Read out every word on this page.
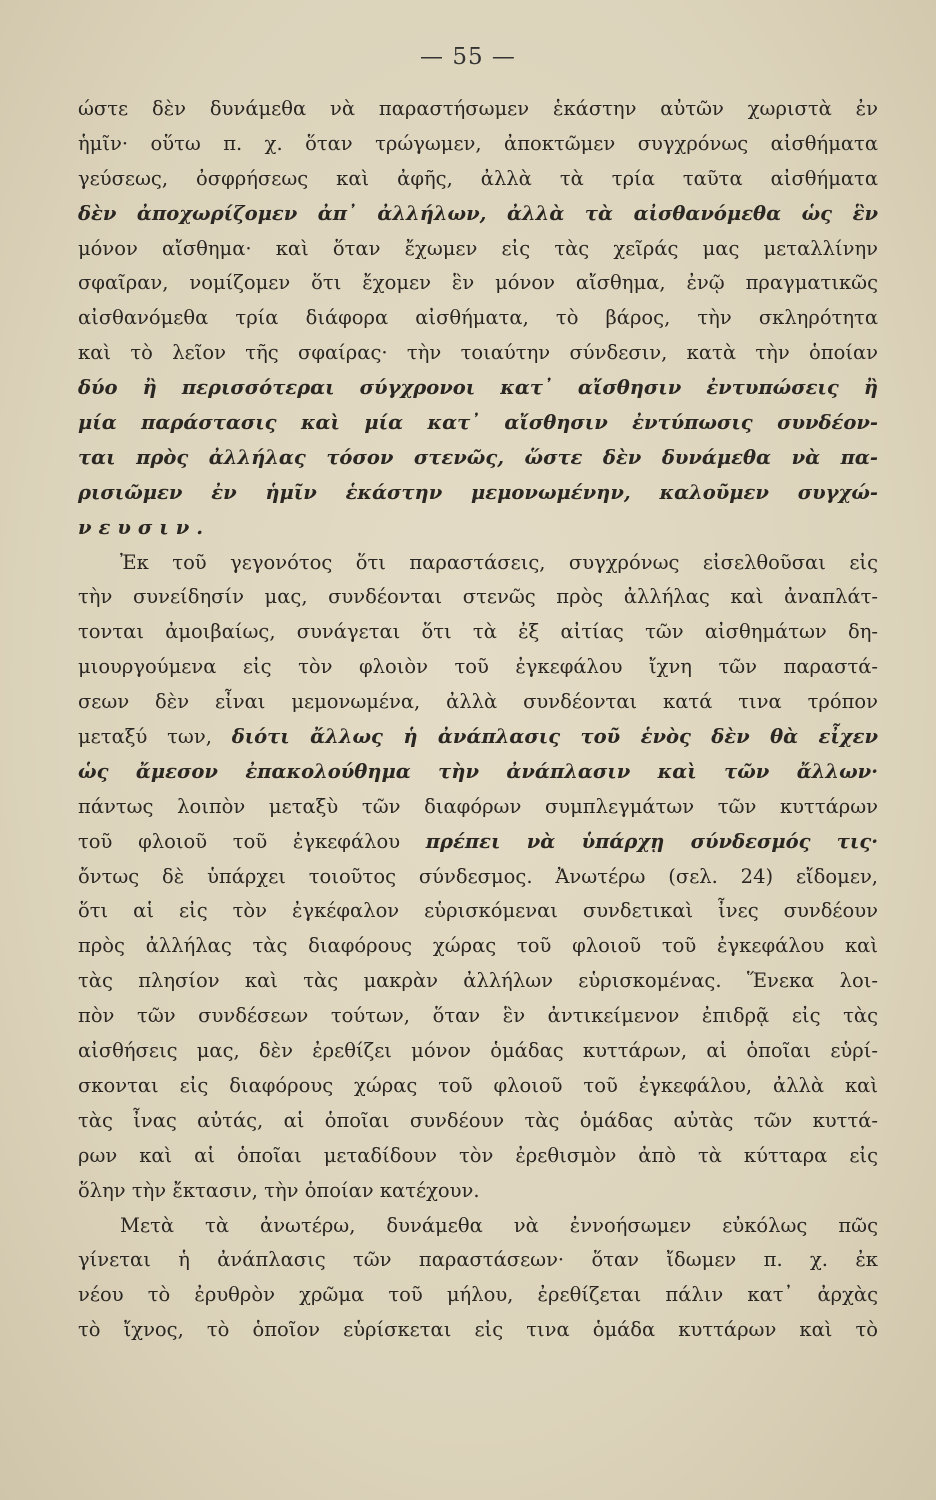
— 55 —
ώστε δὲν δυνάμεθα νὰ παραστήσωμεν ἑκάστην αὐτῶν χωριστὰ ἐν
ἡμῖν· οὕτω π. χ. ὅταν τρώγωμεν, ἀποκτῶμεν συγχρόνως αἰσθήματα
γεύσεως, ὀσφρήσεως καὶ ἀφῆς, ἀλλὰ τὰ τρία ταῦτα αἰσθήματα
δὲν ἀποχωρίζομεν ἀπ᾿ ἀλλήλων, ἀλλὰ τὰ αἰσθανόμεθα ὡς ἓν
μόνον αἴσθημα· καὶ ὅταν ἔχωμεν εἰς τὰς χεῖράς μας μεταλλίνην
σφαῖραν, νομίζομεν ὅτι ἔχομεν ἓν μόνον αἴσθημα, ἐνῷ πραγματικῶς
αἰσθανόμεθα τρία διάφορα αἰσθήματα, τὸ βάρος, τὴν σκληρότητα
καὶ τὸ λεῖον τῆς σφαίρας· τὴν τοιαύτην σύνδεσιν, κατὰ τὴν ὁποίαν
δύο ἢ περισσότεραι σύγχρονοι κατ᾿ αἴσθησιν ἐντυπώσεις ἢ
μία παράστασις καὶ μία κατ᾿ αἴσθησιν ἐντύπωσις συνδέον-
ται πρὸς ἀλλήλας τόσον στενῶς, ὥστε δὲν δυνάμεθα νὰ πα-
ρισιῶμεν ἐν ἡμῖν ἑκάστην μεμονωμένην, καλοῦμεν συγχώ-
νευσιν.
Ἐκ τοῦ γεγονότος ὅτι παραστάσεις, συγχρόνως εἰσελθοῦσαι εἰς
τὴν συνείδησίν μας, συνδέονται στενῶς πρὸς ἀλλήλας καὶ ἀναπλάτ-
τονται ἀμοιβαίως, συνάγεται ὅτι τὰ ἐξ αἰτίας τῶν αἰσθημάτων δη-
μιουργούμενα εἰς τὸν φλοιὸν τοῦ ἐγκεφάλου ἴχνη τῶν παραστά-
σεων δὲν εἶναι μεμονωμένα, ἀλλὰ συνδέονται κατά τινα τρόπον
μεταξύ των, διότι ἄλλως ἡ ἀνάπλασις τοῦ ἑνὸς δὲν θὰ εἶχεν
ὡς ἄμεσον ἐπακολούθημα τὴν ἀνάπλασιν καὶ τῶν ἄλλων·
πάντως λοιπὸν μεταξὺ τῶν διαφόρων συμπλεγμάτων τῶν κυττάρων
τοῦ φλοιοῦ τοῦ ἐγκεφάλου πρέπει νὰ ὑπάρχῃ σύνδεσμός τις·
ὄντως δὲ ὑπάρχει τοιοῦτος σύνδεσμος. Ἀνωτέρω (σελ. 24) εἴδομεν,
ὅτι αἱ εἰς τὸν ἐγκέφαλον εὑρισκόμεναι συνδετικαὶ ἶνες συνδέουν
πρὸς ἀλλήλας τὰς διαφόρους χώρας τοῦ φλοιοῦ τοῦ ἐγκεφάλου καὶ
τὰς πλησίον καὶ τὰς μακρὰν ἀλλήλων εὑρισκομένας. Ἕνεκα λοι-
πὸν τῶν συνδέσεων τούτων, ὅταν ἓν ἀντικείμενον ἐπιδρᾷ εἰς τὰς
αἰσθήσεις μας, δὲν ἐρεθίζει μόνον ὁμάδας κυττάρων, αἱ ὁποῖαι εὑρί-
σκονται εἰς διαφόρους χώρας τοῦ φλοιοῦ τοῦ ἐγκεφάλου, ἀλλὰ καὶ
τὰς ἶνας αὐτάς, αἱ ὁποῖαι συνδέουν τὰς ὁμάδας αὐτὰς τῶν κυττά-
ρων καὶ αἱ ὁποῖαι μεταδίδουν τὸν ἐρεθισμὸν ἀπὸ τὰ κύτταρα εἰς
ὅλην τὴν ἔκτασιν, τὴν ὁποίαν κατέχουν.
Μετὰ τὰ ἀνωτέρω, δυνάμεθα νὰ ἐννοήσωμεν εὐκόλως πῶς
γίνεται ἡ ἀνάπλασις τῶν παραστάσεων· ὅταν ἴδωμεν π. χ. ἐκ
νέου τὸ ἐρυθρὸν χρῶμα τοῦ μήλου, ἐρεθίζεται πάλιν κατ᾿ ἀρχὰς
τὸ ἴχνος, τὸ ὁποῖον εὑρίσκεται εἰς τινα ὁμάδα κυττάρων καὶ τὸ
